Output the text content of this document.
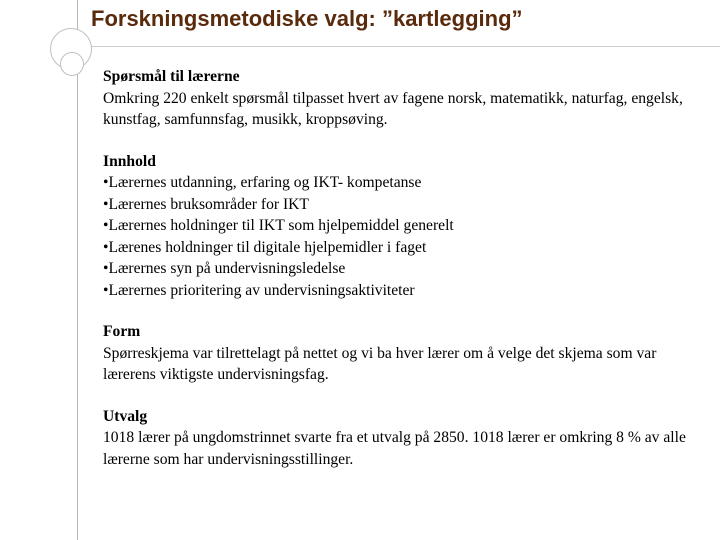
Forskningsmetodiske valg: ”kartlegging”
Spørsmål til lærerne
Omkring 220 enkelt spørsmål tilpasset hvert av fagene norsk, matematikk, naturfag, engelsk, kunstfag, samfunnsfag, musikk, kroppsøving.
Innhold
• Lærernes utdanning, erfaring og IKT- kompetanse
• Lærernes bruksområder for IKT
• Lærernes holdninger til IKT som hjelpemiddel generelt
• Lærenes holdninger til digitale hjelpemidler i faget
• Lærernes syn på undervisningsledelse
• Lærernes prioritering av undervisningsaktiviteter
Form
Spørreskjema var tilrettelagt på nettet og vi ba hver lærer om å velge det skjema som var lærerens viktigste undervisningsfag.
Utvalg
1018 lærer på ungdomstrinnet svarte fra et utvalg på 2850. 1018 lærer er omkring 8 % av alle lærerne som har undervisningsstillinger.
